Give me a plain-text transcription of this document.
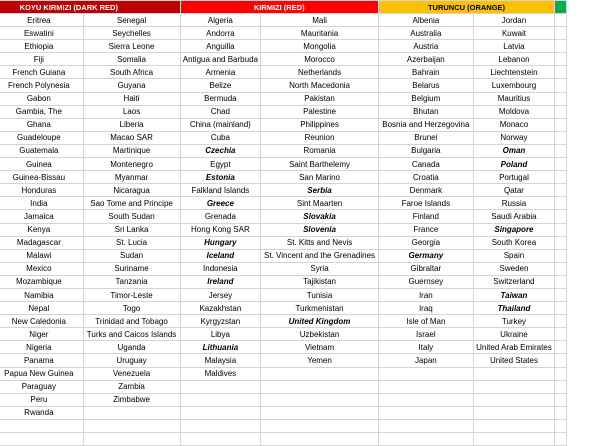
KOYU KIRMIZI (DARK RED)			KIRMIZI (RED)		TURUNCU (ORANGE)		
	Eritrea	Senegal	Algeria	Mali	Albenia	Jordan	
	Eswatini	Seychelles	Andorra	Mauritania	Australia	Kuwait	
	Ethiopia	Sierra Leone	Anguilla	Mongolia	Austria	Latvia	
	Fiji	Somalia	Antigua and Barbuda	Morocco	Azerbaijan	Lebanon	
	French Guiana	South Africa	Armenia	Netherlands	Bahrain	Liechtenstein	
	French Polynesia	Guyana	Belize	North Macedonia	Belarus	Luxembourg	
	Gabon	Haiti	Bermuda	Pakistan	Belgium	Mauritius	
	Gambia, The	Laos	Chad	Palestine	Bhutan	Moldova	
	Ghana	Liberia	China (mainland)	Philippines	Bosnia and Herzegovina	Monaco	
	Guadeloupe	Macao SAR	Cuba	Reunion	Brunei	Norway	
	Guatemala	Martinique	Czechia	Romania	Bulgaria	Oman	
	Guinea	Montenegro	Egypt	Saint Barthelemy	Canada	Poland	
	Guinea-Bissau	Myanmar	Estonia	San Marino	Croatia	Portugal	
	Honduras	Nicaragua	Falkland Islands	Serbia	Denmark	Qatar	
	India	Sao Tome and Principe	Greece	Sint Maarten	Faroe Islands	Russia	
	Jamaica	South Sudan	Grenada	Slovakia	Finland	Saudi Arabia	
	Kenya	Sri Lanka	Hong Kong SAR	Slovenia	France	Singapore	
	Madagascar	St. Lucia	Hungary	St. Kitts and Nevis	Georgia	South Korea	
	Malawi	Sudan	Iceland	St. Vincent and the Grenadines	Germany	Spain	
	Mexico	Suriname	Indonesia	Syria	Gibraltar	Sweden	
	Mozambique	Tanzania	Ireland	Tajikistan	Guernsey	Switzerland	
	Namibia	Timor-Leste	Jersey	Tunisia	Iran	Taiwan	
	Nepal	Togo	Kazakhstan	Turkmenistan	Iraq	Thailand	
	New Caledonia	Trinidad and Tobago	Kyrgyzstan	United Kingdom	Isle of Man	Turkey	
	Niger	Turks and Caicos Islands	Libya	Uzbekistan	Israel	Ukraine	
	Nigeria	Uganda	Lithuania	Vietnam	Italy	United Arab Emirates	
	Panama	Uruguay	Malaysia	Yemen	Japan	United States	
	Papua New Guinea	Venezuela	Maldives				
	Paraguay	Zambia					
	Peru	Zimbabwe					
	Rwanda						
